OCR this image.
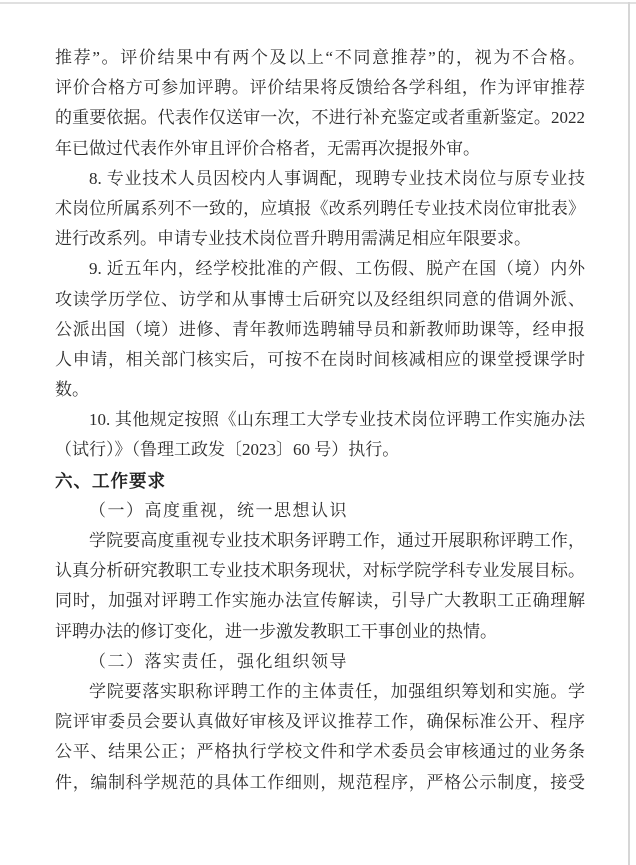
推荐”。评价结果中有两个及以上“不同意推荐”的，视为不合格。
评价合格方可参加评聘。评价结果将反馈给各学科组，作为评审推荐
的重要依据。代表作仅送审一次，不进行补充鉴定或者重新鉴定。2022
年已做过代表作外审且评价合格者，无需再次提报外审。
8. 专业技术人员因校内人事调配，现聘专业技术岗位与原专业技
术岗位所属系列不一致的，应填报《改系列聘任专业技术岗位审批表》
进行改系列。申请专业技术岗位晋升聘用需满足相应年限要求。
9. 近五年内，经学校批准的产假、工伤假、脱产在国（境）内外
攻读学历学位、访学和从事博士后研究以及经组织同意的借调外派、
公派出国（境）进修、青年教师选聘辅导员和新教师助课等，经申报
人申请，相关部门核实后，可按不在岗时间核减相应的课堂授课学时
数。
10. 其他规定按照《山东理工大学专业技术岗位评聘工作实施办法
（试行）》（鲁理工政发〔2023〕60 号）执行。
六、工作要求
（一）高度重视，统一思想认识
学院要高度重视专业技术职务评聘工作，通过开展职称评聘工作，
认真分析研究教职工专业技术职务现状，对标学院学科专业发展目标。
同时，加强对评聘工作实施办法宣传解读，引导广大教职工正确理解
评聘办法的修订变化，进一步激发教职工干事创业的热情。
（二）落实责任，强化组织领导
学院要落实职称评聘工作的主体责任，加强组织筹划和实施。学
院评审委员会要认真做好审核及评议推荐工作，确保标准公开、程序
公平、结果公正；严格执行学校文件和学术委员会审核通过的业务条
件，编制科学规范的具体工作细则，规范程序，严格公示制度，接受
